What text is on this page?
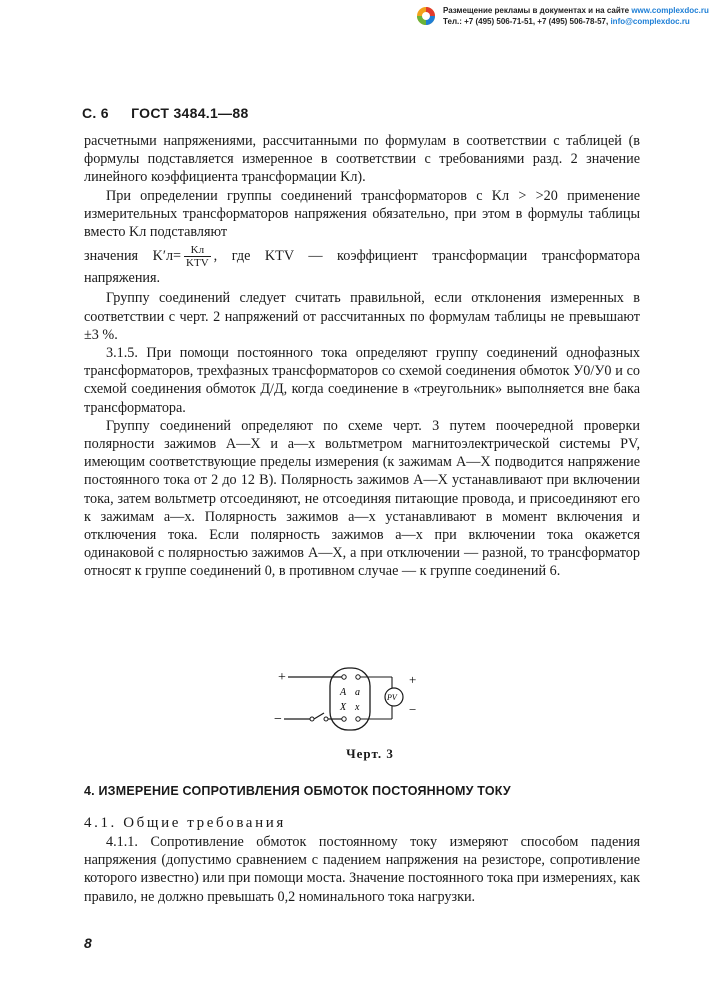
Размещение рекламы в документах и на сайте www.complexdoc.ru
Тел.: +7 (495) 506-71-51, +7 (495) 506-78-57, info@complexdoc.ru
С. 6 ГОСТ 3484.1—88

расчетными напряжениями, рассчитанными по формулам в соответствии с таблицей (в формулы подставляется измеренное в соответствии с требованиями разд. 2 значение линейного коэффициента трансформации Kл).

При определении группы соединений трансформаторов с Kл > >20 применение измерительных трансформаторов напряжения обязательно, при этом в формулы таблицы вместо Kл подставляют

значения $K'л= \frac{Kл}{\text{KTV}}$ , где KTV — коэффициент трансформации трансформатора напряжения.

Группу соединений следует считать правильной, если отклонения измеренных в соответствии с черт. 2 напряжений от рассчитанных по формулам таблицы не превышают ±3 %.

3.1.5. При помощи постоянного тока определяют группу соединений однофазных трансформаторов, трехфазных трансформаторов со схемой соединения обмоток У0/У0 и со схемой соединения обмоток Д/Д, когда соединение в «треугольник» выполняется вне бака трансформатора.

Группу соединений определяют по схеме черт. 3 путем поочередной проверки полярности зажимов А—Х и а—х вольтметром магнитоэлектрической системы PV, имеющим соответствующие пределы измерения (к зажимам А—Х подводится напряжение постоянного тока от 2 до 12 В). Полярность зажимов А—Х устанавливают при включении тока, затем вольтметр отсоединяют, не отсоединяя питающие провода, и присоединяют его к зажимам а—х. Полярность зажимов а—х устанавливают в момент включения и отключения тока. Если полярность зажимов а—х при включении тока окажется одинаковой с полярностью зажимов А—Х, а при отключении — разной, то трансформатор относят к группе соединений 0, в противном случае — к группе соединений 6.

+
−
A a
X x
PV
+
−
Черт. 3
4. ИЗМЕРЕНИЕ СОПРОТИВЛЕНИЯ ОБМОТОК ПОСТОЯННОМУ ТОКУ
4.1. Общие требования

4.1.1. Сопротивление обмоток постоянному току измеряют способом падения напряжения (допустимо сравнением с падением напряжения на резисторе, сопротивление которого известно) или при помощи моста. Значение постоянного тока при измерениях, как правило, не должно превышать 0,2 номинального тока нагрузки.

8
